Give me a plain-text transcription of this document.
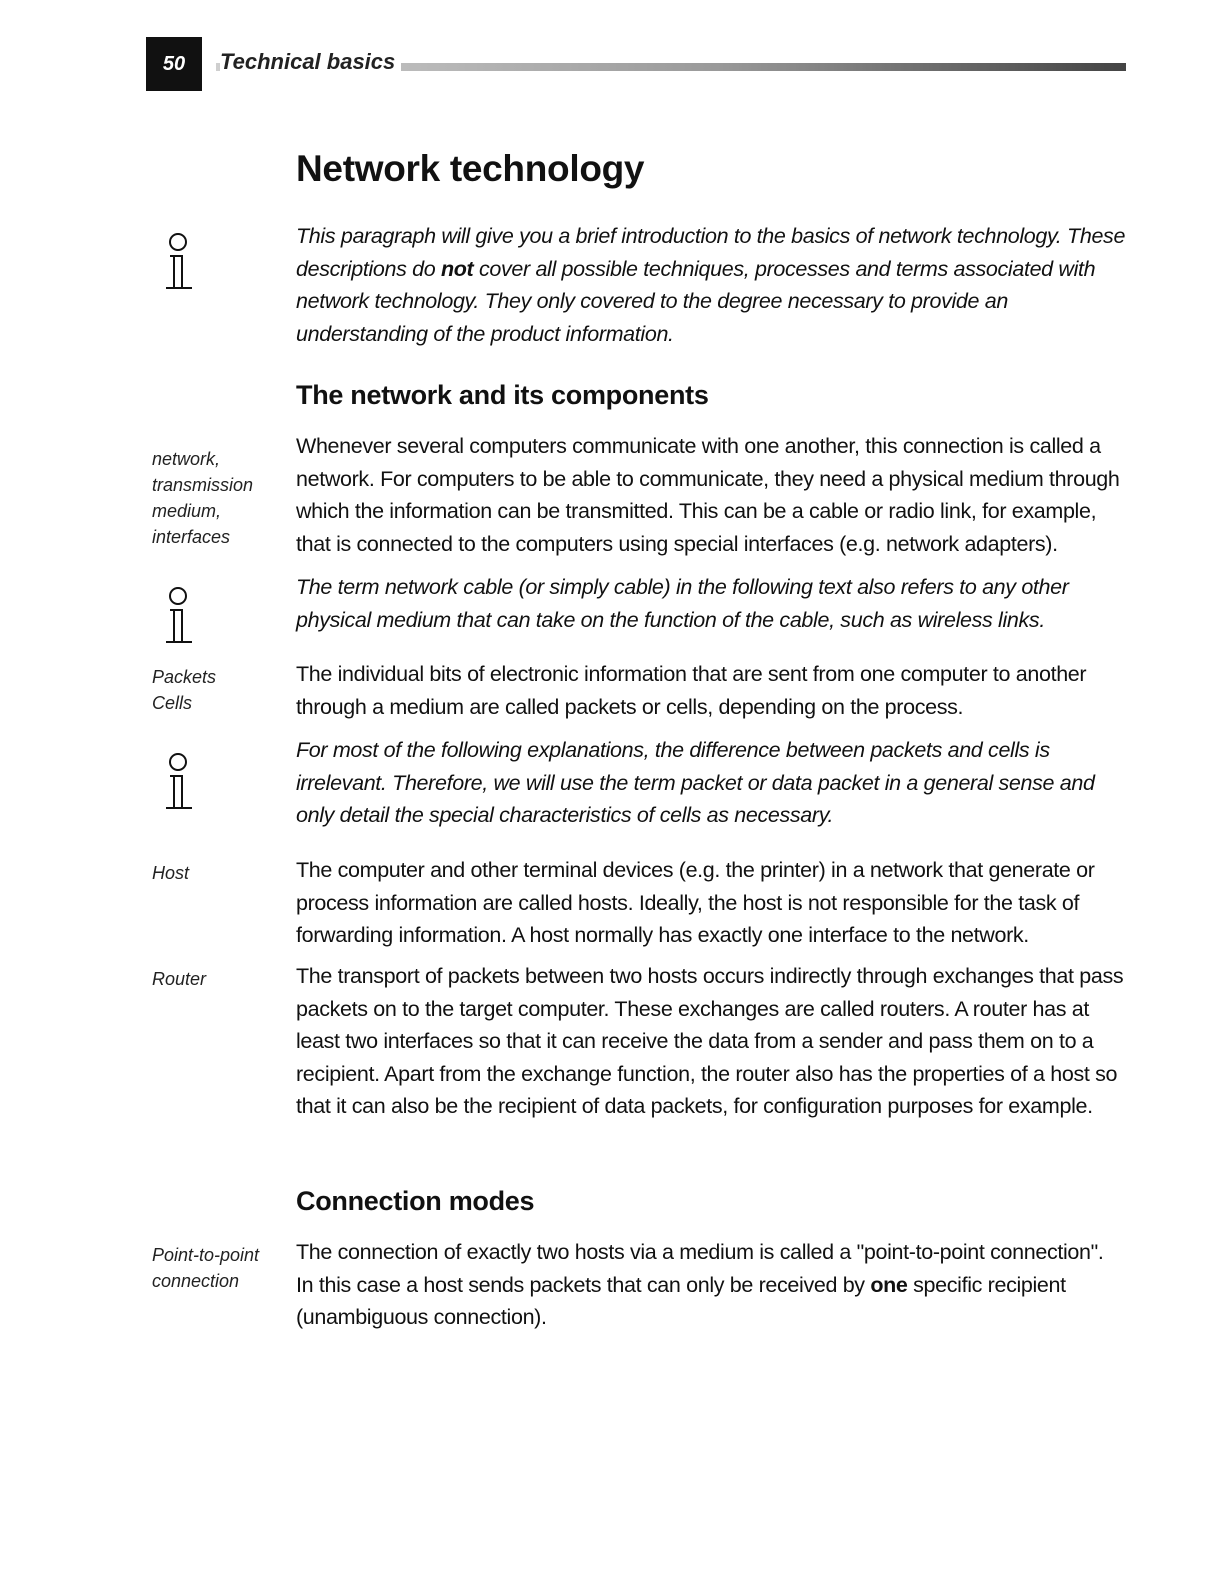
50	Technical basics
Network technology

This paragraph will give you a brief introduction to the basics of network technology. These descriptions do not cover all possible techniques, processes and terms associated with network technology. They only covered to the degree necessary to provide an understanding of the product information.

The network and its components
network,
transmission
medium,
interfaces

Whenever several computers communicate with one another, this connection is called a network. For computers to be able to communicate, they need a physical medium through which the information can be transmitted. This can be a cable or radio link, for example, that is connected to the computers using special interfaces (e.g. network adapters).

The term network cable (or simply cable) in the following text also refers to any other physical medium that can take on the function of the cable, such as wireless links.

Packets
Cells

The individual bits of electronic information that are sent from one computer to another through a medium are called packets or cells, depending on the process.

For most of the following explanations, the difference between packets and cells is irrelevant. Therefore, we will use the term packet or data packet in a general sense and only detail the special characteristics of cells as necessary.

Host	The computer and other terminal devices (e.g. the printer) in a network that generate or process information are called hosts. Ideally, the host is not responsible for the task of forwarding information. A host normally has exactly one interface to the network.

Router	The transport of packets between two hosts occurs indirectly through exchanges that pass packets on to the target computer. These exchanges are called routers. A router has at least two interfaces so that it can receive the data from a sender and pass them on to a recipient. Apart from the exchange function, the router also has the properties of a host so that it can also be the recipient of data packets, for configuration purposes for example.

Connection modes
Point-to-point
connection

The connection of exactly two hosts via a medium is called a "point-to-point connection". In this case a host sends packets that can only be received by one specific recipient (unambiguous connection).
